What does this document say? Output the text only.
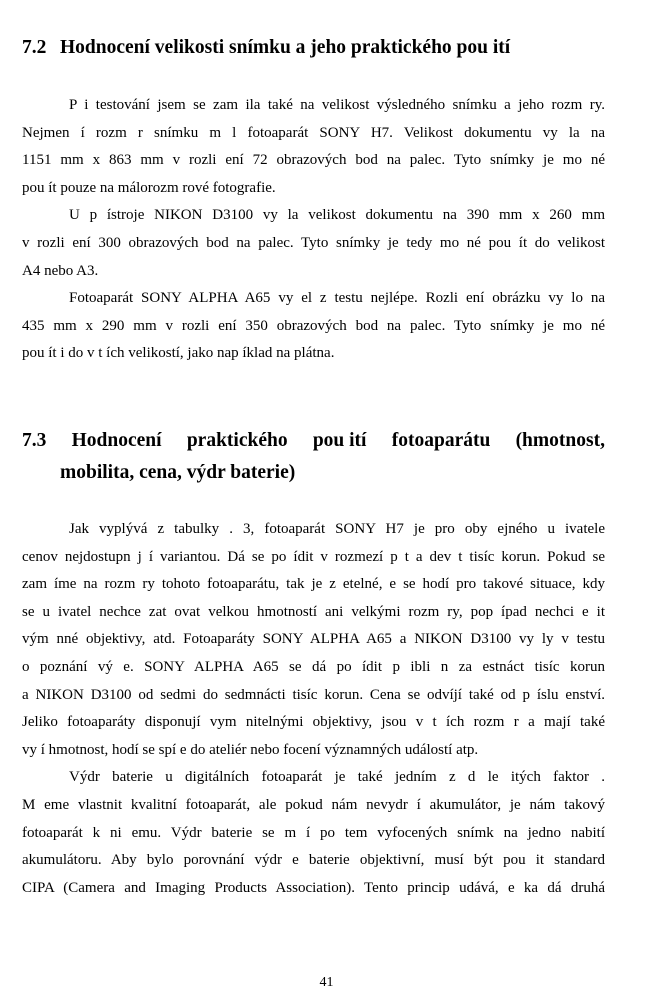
7.2 Hodnocení velikosti snímku a jeho praktického pou ití
P i testování jsem se zam ila také na velikost výsledného snímku a jeho rozm ry.
Nejmen í rozm r snímku m l fotoaparát SONY H7. Velikost dokumentu vy la na
1151 mm x 863 mm v rozli ení 72 obrazových bod na palec. Tyto snímky je mo né
pou ít pouze na málorozm rové fotografie.
U p ístroje NIKON D3100 vy la velikost dokumentu na 390 mm x 260 mm
v rozli ení 300 obrazových bod na palec. Tyto snímky je tedy mo né pou ít do velikost
A4 nebo A3.
Fotoaparát SONY ALPHA A65 vy el z testu nejlépe. Rozli ení obrázku vy lo na
435 mm x 290 mm v rozli ení 350 obrazových bod na palec. Tyto snímky je mo né
pou ít i do v t ích velikostí, jako nap íklad na plátna.
7.3 Hodnocení praktického pou ití fotoaparátu (hmotnost,
mobilita, cena, výdr baterie)
Jak vyplývá z tabulky . 3, fotoaparát SONY H7 je pro oby ejného u ivatele
cenov nejdostupn j í variantou. Dá se po ídit v rozmezí p t a dev t tisíc korun. Pokud se
zam íme na rozm ry tohoto fotoaparátu, tak je z etelné, e se hodí pro takové situace, kdy
se u ivatel nechce zat ovat velkou hmotností ani velkými rozm ry, pop ípad nechci e it
vým nné objektivy, atd. Fotoaparáty SONY ALPHA A65 a NIKON D3100 vy ly v testu
o poznání vý e. SONY ALPHA A65 se dá po ídit p ibli n za estnáct tisíc korun
a NIKON D3100 od sedmi do sedmnácti tisíc korun. Cena se odvíjí také od p íslu enství.
Jeliko fotoaparáty disponují vym nitelnými objektivy, jsou v t ích rozm r a mají také
vy í hmotnost, hodí se spí e do ateliér nebo focení významných událostí atp.
Výdr baterie u digitálních fotoaparát je také jedním z d le itých faktor .
M eme vlastnit kvalitní fotoaparát, ale pokud nám nevydr í akumulátor, je nám takový
fotoaparát k ni emu. Výdr baterie se m í po tem vyfocených snímk na jedno nabití
akumulátoru. Aby bylo porovnání výdr e baterie objektivní, musí být pou it standard
CIPA (Camera and Imaging Products Association). Tento princip udává, e ka dá druhá
41
